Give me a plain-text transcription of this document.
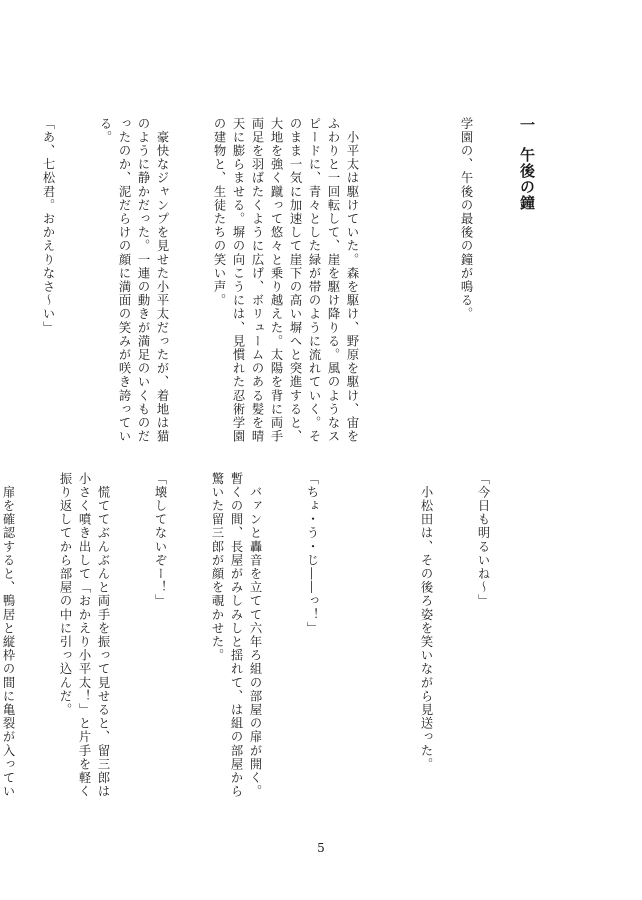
一午後の鐘

学園の、午後の最後の鐘が鳴る。

　小平太は駆けていた。森を駆け、野原を駆け、宙を
ふわりと一回転して、崖を駆け降りる。風のようなス
ピードに、青々とした緑が帯のように流れていく。そ
のまま一気に加速して崖下の高い塀へと突進すると、
大地を強く蹴って悠々と乗り越えた。太陽を背に両手
両足を羽ばたくように広げ、ボリュームのある髪を晴
天に膨らませる。塀の向こうには、見慣れた忍術学園
の建物と、生徒たちの笑い声。

　豪快なジャンプを見せた小平太だったが、着地は猫
のように静かだった。一連の動きが満足のいくものだ
ったのか、泥だらけの顔に満面の笑みが咲き誇ってい
る。

「あ、七松君。おかえりなさ～い」

「今日も明るいね～」

　小松田は、その後ろ姿を笑いながら見送った。

「ちょ・う・じ――っ！」

　バァンと轟音を立てて六年ろ組の部屋の扉が開く。
暫くの間、長屋がみしみしと揺れて、は組の部屋から
驚いた留三郎が顔を覗かせた。

「壊してないぞー！」

　慌ててぶんぶんと両手を振って見せると、留三郎は
小さく噴き出して「おかえり小平太！」と片手を軽く
振り返してから部屋の中に引っ込んだ。

　扉を確認すると、鴨居と縦枠の間に亀裂が入ってい

5
